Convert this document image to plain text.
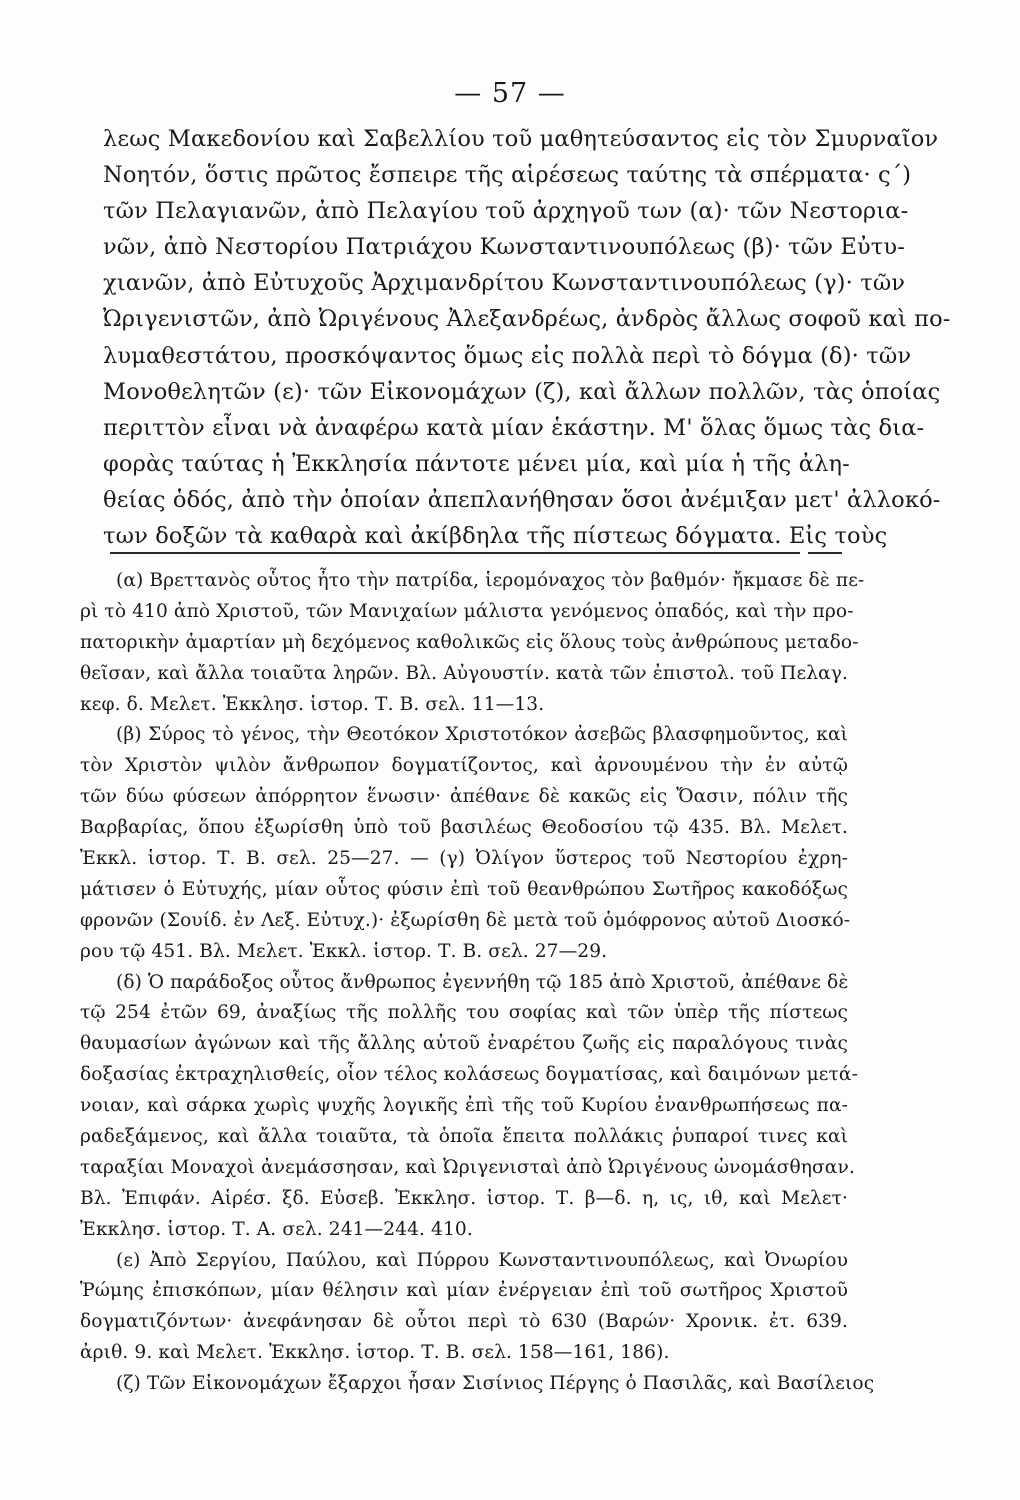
— 57 —
λεως Μακεδονίου καὶ Σαβελλίου τοῦ μαθητεύσαντος εἰς τὸν Σμυρναῖον
Νοητόν, ὅστις πρῶτος ἔσπειρε τῆς αἱρέσεως ταύτης τὰ σπέρματα· ς΄)
τῶν Πελαγιανῶν, ἀπὸ Πελαγίου τοῦ ἀρχηγοῦ των (α)· τῶν Νεστορια-
νῶν, ἀπὸ Νεστορίου Πατριάχου Κωνσταντινουπόλεως (β)· τῶν Εὐτυ-
χιανῶν, ἀπὸ Εὐτυχοῦς Ἀρχιμανδρίτου Κωνσταντινουπόλεως (γ)· τῶν
Ὠριγενιστῶν, ἀπὸ Ὠριγένους Ἀλεξανδρέως, ἀνδρὸς ἄλλως σοφοῦ καὶ πο-
λυμαθεστάτου, προσκόψαντος ὅμως εἰς πολλὰ περὶ τὸ δόγμα (δ)· τῶν
Μονοθελητῶν (ε)· τῶν Εἰκονομάχων (ζ), καὶ ἄλλων πολλῶν, τὰς ὁποίας
περιττὸν εἶναι νὰ ἀναφέρω κατὰ μίαν ἑκάστην. Μ' ὅλας ὅμως τὰς δια-
φορὰς ταύτας ἡ Ἐκκλησία πάντοτε μένει μία, καὶ μία ἡ τῆς ἀλη-
θείας ὁδός, ἀπὸ τὴν ὁποίαν ἀπεπλανήθησαν ὅσοι ἀνέμιξαν μετ' ἀλλοκό-
των δοξῶν τὰ καθαρὰ καὶ ἀκίβδηλα τῆς πίστεως δόγματα. Εἰς τοὺς
(α) Βρεττανὸς οὗτος ἦτο τὴν πατρίδα, ἱερομόναχος τὸν βαθμόν· ἤκμασε δὲ πε-
ρὶ τὸ 410 ἀπὸ Χριστοῦ, τῶν Μανιχαίων μάλιστα γενόμενος ὀπαδός, καὶ τὴν προ-
πατορικὴν ἁμαρτίαν μὴ δεχόμενος καθολικῶς εἰς ὅλους τοὺς ἀνθρώπους μεταδο-
θεῖσαν, καὶ ἄλλα τοιαῦτα ληρῶν. Βλ. Αὐγουστίν. κατὰ τῶν ἐπιστολ. τοῦ Πελαγ.
κεφ. δ. Μελετ. Ἐκκλησ. ἱστορ. Τ. Β. σελ. 11—13.
(β) Σύρος τὸ γένος, τὴν Θεοτόκον Χριστοτόκον ἀσεβῶς βλασφημοῦντος, καὶ
τὸν Χριστὸν ψιλὸν ἄνθρωπον δογματίζοντος, καὶ ἀρνουμένου τὴν ἐν αὐτῷ
τῶν δύω φύσεων ἀπόρρητον ἕνωσιν· ἀπέθανε δὲ κακῶς εἰς Ὄασιν, πόλιν τῆς
Βαρβαρίας, ὅπου ἐξωρίσθη ὑπὸ τοῦ βασιλέως Θεοδοσίου τῷ 435. Βλ. Μελετ.
Ἐκκλ. ἱστορ. Τ. Β. σελ. 25—27. — (γ) Ὀλίγον ὕστερος τοῦ Νεστορίου ἐχρη-
μάτισεν ὁ Εὐτυχής, μίαν οὗτος φύσιν ἐπὶ τοῦ θεανθρώπου Σωτῆρος κακοδόξως
φρονῶν (Σουίδ. ἐν Λεξ. Εὐτυχ.)· ἐξωρίσθη δὲ μετὰ τοῦ ὁμόφρονος αὐτοῦ Διοσκό-
ρου τῷ 451. Βλ. Μελετ. Ἐκκλ. ἱστορ. Τ. Β. σελ. 27—29.
(δ) Ὁ παράδοξος οὗτος ἄνθρωπος ἐγεννήθη τῷ 185 ἀπὸ Χριστοῦ, ἀπέθανε δὲ
τῷ 254 ἐτῶν 69, ἀναξίως τῆς πολλῆς του σοφίας καὶ τῶν ὑπὲρ τῆς πίστεως
θαυμασίων ἀγώνων καὶ τῆς ἄλλης αὐτοῦ ἐναρέτου ζωῆς εἰς παραλόγους τινὰς
δοξασίας ἐκτραχηλισθείς, οἷον τέλος κολάσεως δογματίσας, καὶ δαιμόνων μετά-
νοιαν, καὶ σάρκα χωρὶς ψυχῆς λογικῆς ἐπὶ τῆς τοῦ Κυρίου ἐνανθρωπήσεως πα-
ραδεξάμενος, καὶ ἄλλα τοιαῦτα, τὰ ὁποῖα ἔπειτα πολλάκις ῥυπαροί τινες καὶ
ταραξίαι Μοναχοὶ ἀνεμάσσησαν, καὶ Ὠριγενισταὶ ἀπὸ Ὠριγένους ὠνομάσθησαν.
Βλ. Ἐπιφάν. Αἱρέσ. ξδ. Εὐσεβ. Ἐκκλησ. ἱστορ. Τ. β—δ. η, ις, ιθ, καὶ Μελετ·
Ἐκκλησ. ἱστορ. Τ. Α. σελ. 241—244. 410.
(ε) Ἀπὸ Σεργίου, Παύλου, καὶ Πύρρου Κωνσταντινουπόλεως, καὶ Ὀνωρίου
Ῥώμης ἐπισκόπων, μίαν θέλησιν καὶ μίαν ἐνέργειαν ἐπὶ τοῦ σωτῆρος Χριστοῦ
δογματιζόντων· ἀνεφάνησαν δὲ οὗτοι περὶ τὸ 630 (Βαρών· Χρονικ. ἐτ. 639.
ἀριθ. 9. καὶ Μελετ. Ἐκκλησ. ἱστορ. Τ. Β. σελ. 158—161, 186).
(ζ) Τῶν Εἰκονομάχων ἔξαρχοι ἦσαν Σισίνιος Πέργης ὁ Πασιλᾶς, καὶ Βασίλειος
